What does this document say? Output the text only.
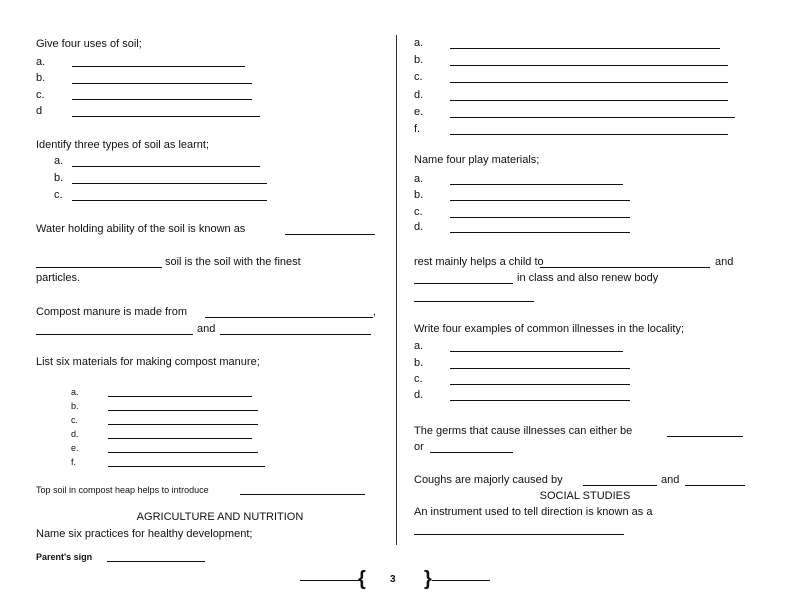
Give four uses of soil;
a.
b.
c.
d
Identify three types of soil as learnt;
a.
b.
c.
Water holding ability of the soil is known as
soil is the soil with the finest
particles.
Compost manure is made from	,
and
List six materials for making compost manure;
a.
b.
c.
d.
e.
f.
Top soil in compost heap helps to introduce
AGRICULTURE AND NUTRITION
Name six practices for healthy development;
Parent's sign
a.
b.
c.
d.
e.
f.
Name four play materials;
a.
b.
c.
d.
rest mainly helps a child to	and
in class and also renew body
Write four examples of common illnesses in the locality;
a.
b.
c.
d.
The germs that cause illnesses can either be
or
Coughs are majorly caused by	and
SOCIAL STUDIES
An instrument used to tell direction is known as a
{ 3 }
